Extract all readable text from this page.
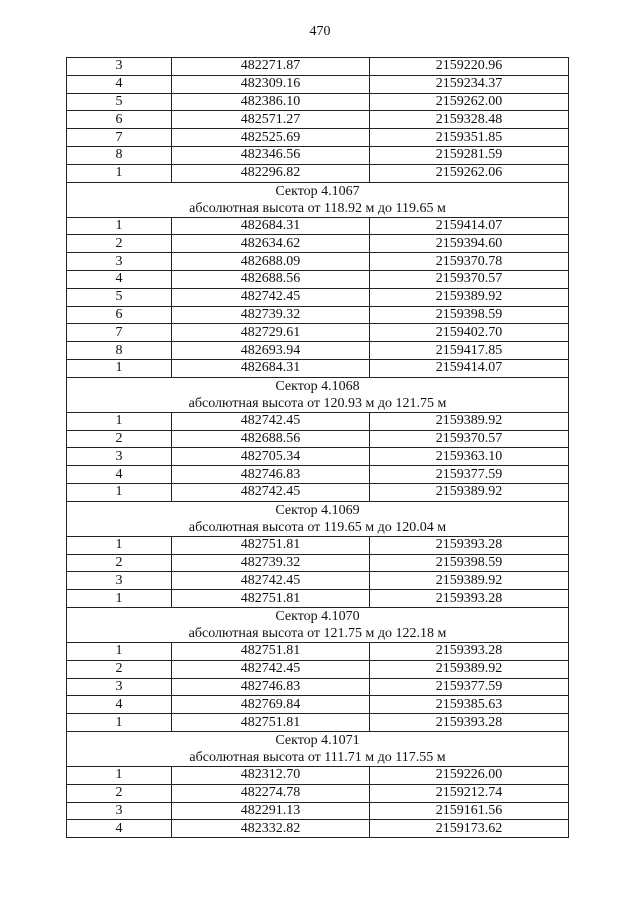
470
3	482271.87	2159220.96
4	482309.16	2159234.37
5	482386.10	2159262.00
6	482571.27	2159328.48
7	482525.69	2159351.85
8	482346.56	2159281.59
1	482296.82	2159262.06

Сектор 4.1067
абсолютная высота от 118.92 м до 119.65 м		

1	482684.31	2159414.07
2	482634.62	2159394.60
3	482688.09	2159370.78
4	482688.56	2159370.57
5	482742.45	2159389.92
6	482739.32	2159398.59
7	482729.61	2159402.70
8	482693.94	2159417.85
1	482684.31	2159414.07

Сектор 4.1068
абсолютная высота от 120.93 м до 121.75 м		

1	482742.45	2159389.92
2	482688.56	2159370.57
3	482705.34	2159363.10
4	482746.83	2159377.59
1	482742.45	2159389.92

Сектор 4.1069
абсолютная высота от 119.65 м до 120.04 м		

1	482751.81	2159393.28
2	482739.32	2159398.59
3	482742.45	2159389.92
1	482751.81	2159393.28

Сектор 4.1070
абсолютная высота от 121.75 м до 122.18 м		

1	482751.81	2159393.28
2	482742.45	2159389.92
3	482746.83	2159377.59
4	482769.84	2159385.63
1	482751.81	2159393.28

Сектор 4.1071
абсолютная высота от 111.71 м до 117.55 м		

1	482312.70	2159226.00
2	482274.78	2159212.74
3	482291.13	2159161.56
4	482332.82	2159173.62
